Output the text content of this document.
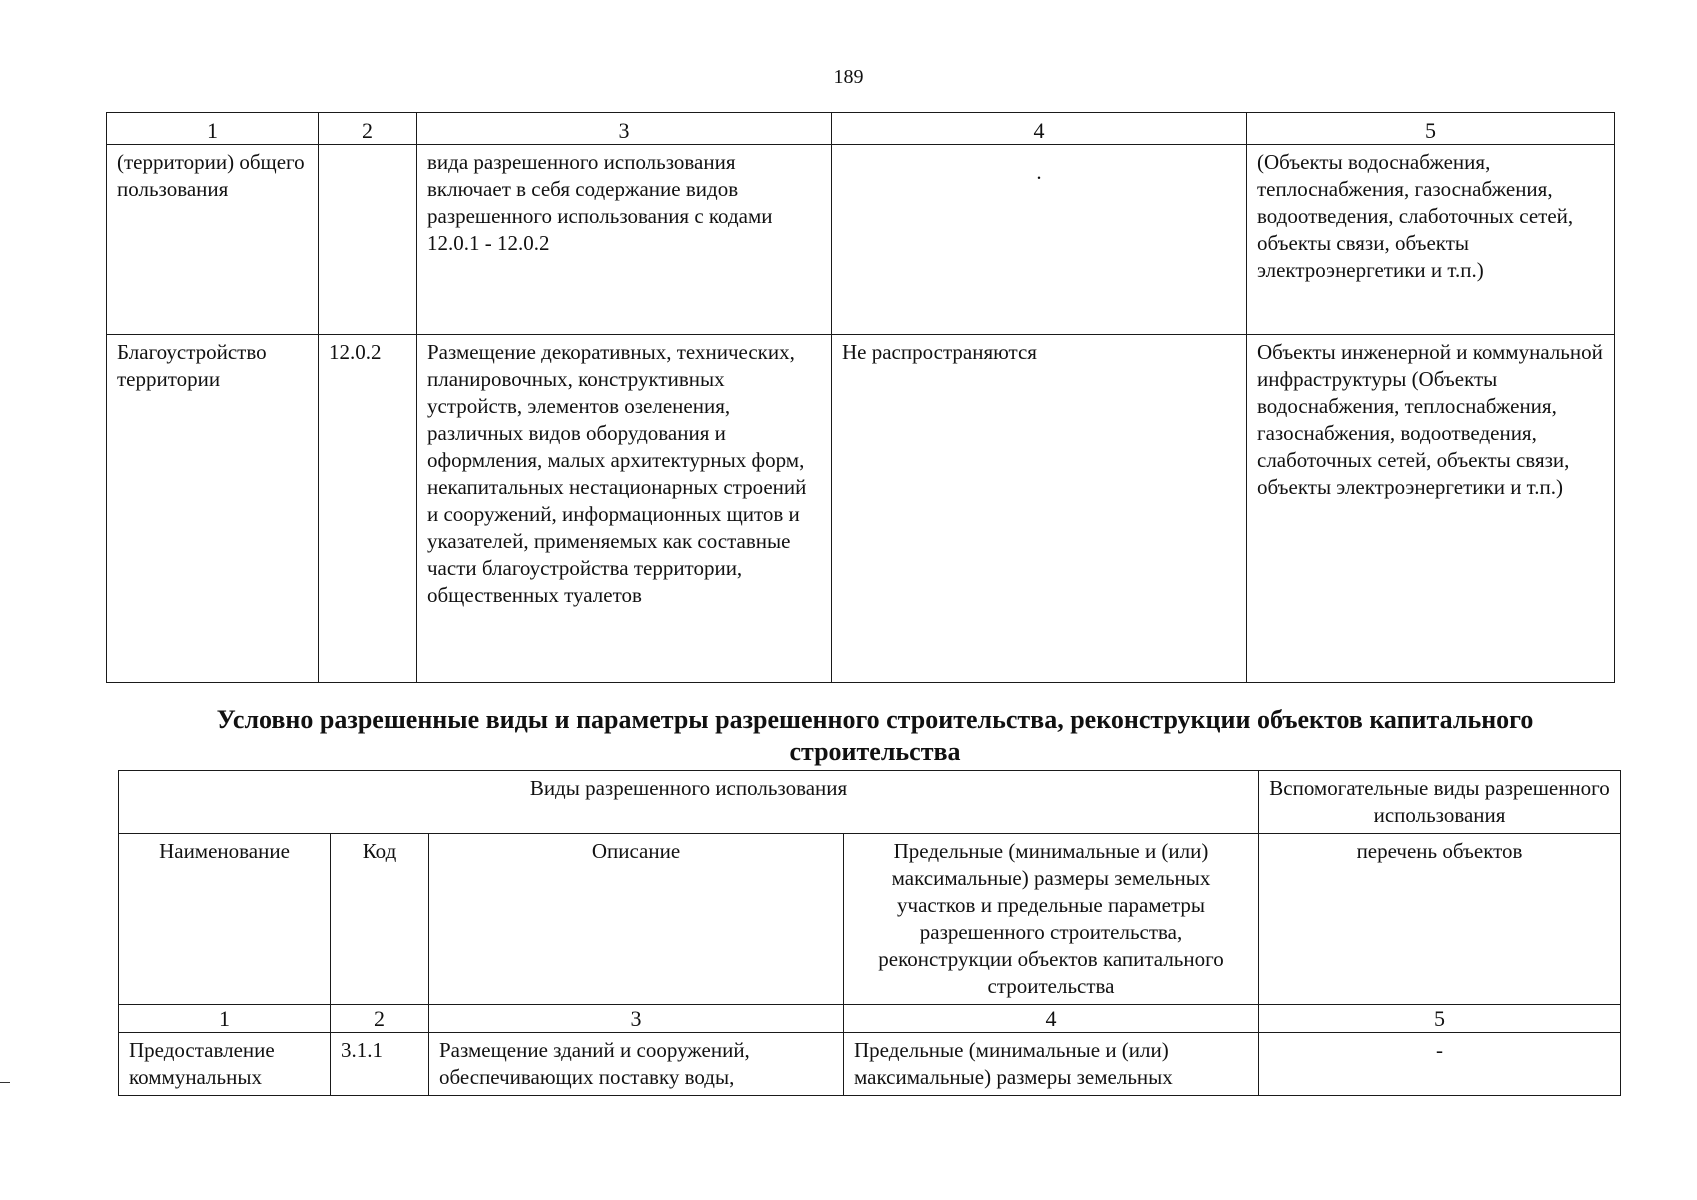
189
1	2	3	4	5
(территории) общего пользования		вида разрешенного использования включает в себя содержание видов разрешенного использования с кодами 12.0.1 - 12.0.2	·	(Объекты водоснабжения, теплоснабжения, газоснабжения, водоотведения, слаботочных сетей, объекты связи, объекты электроэнергетики и т.п.)
Благоустройство территории	12.0.2	Размещение декоративных, технических, планировочных, конструктивных устройств, элементов озеленения, различных видов оборудования и оформления, малых архитектурных форм, некапитальных нестационарных строений и сооружений, информационных щитов и указателей, применяемых как составные части благоустройства территории, общественных туалетов	Не распространяются	Объекты инженерной и коммунальной инфраструктуры (Объекты водоснабжения, теплоснабжения, газоснабжения, водоотведения, слаботочных сетей, объекты связи, объекты электроэнергетики и т.п.)
Условно разрешенные виды и параметры разрешенного строительства, реконструкции объектов капитального строительства
Виды разрешенного использования				Вспомогательные виды разрешенного использования
Наименование	Код	Описание	Предельные (минимальные и (или) максимальные) размеры земельных участков и предельные параметры разрешенного строительства, реконструкции объектов капитального строительства	перечень объектов
1	2	3	4	5
Предоставление коммунальных	3.1.1	Размещение зданий и сооружений, обеспечивающих поставку воды,	Предельные (минимальные и (или) максимальные) размеры земельных	-
